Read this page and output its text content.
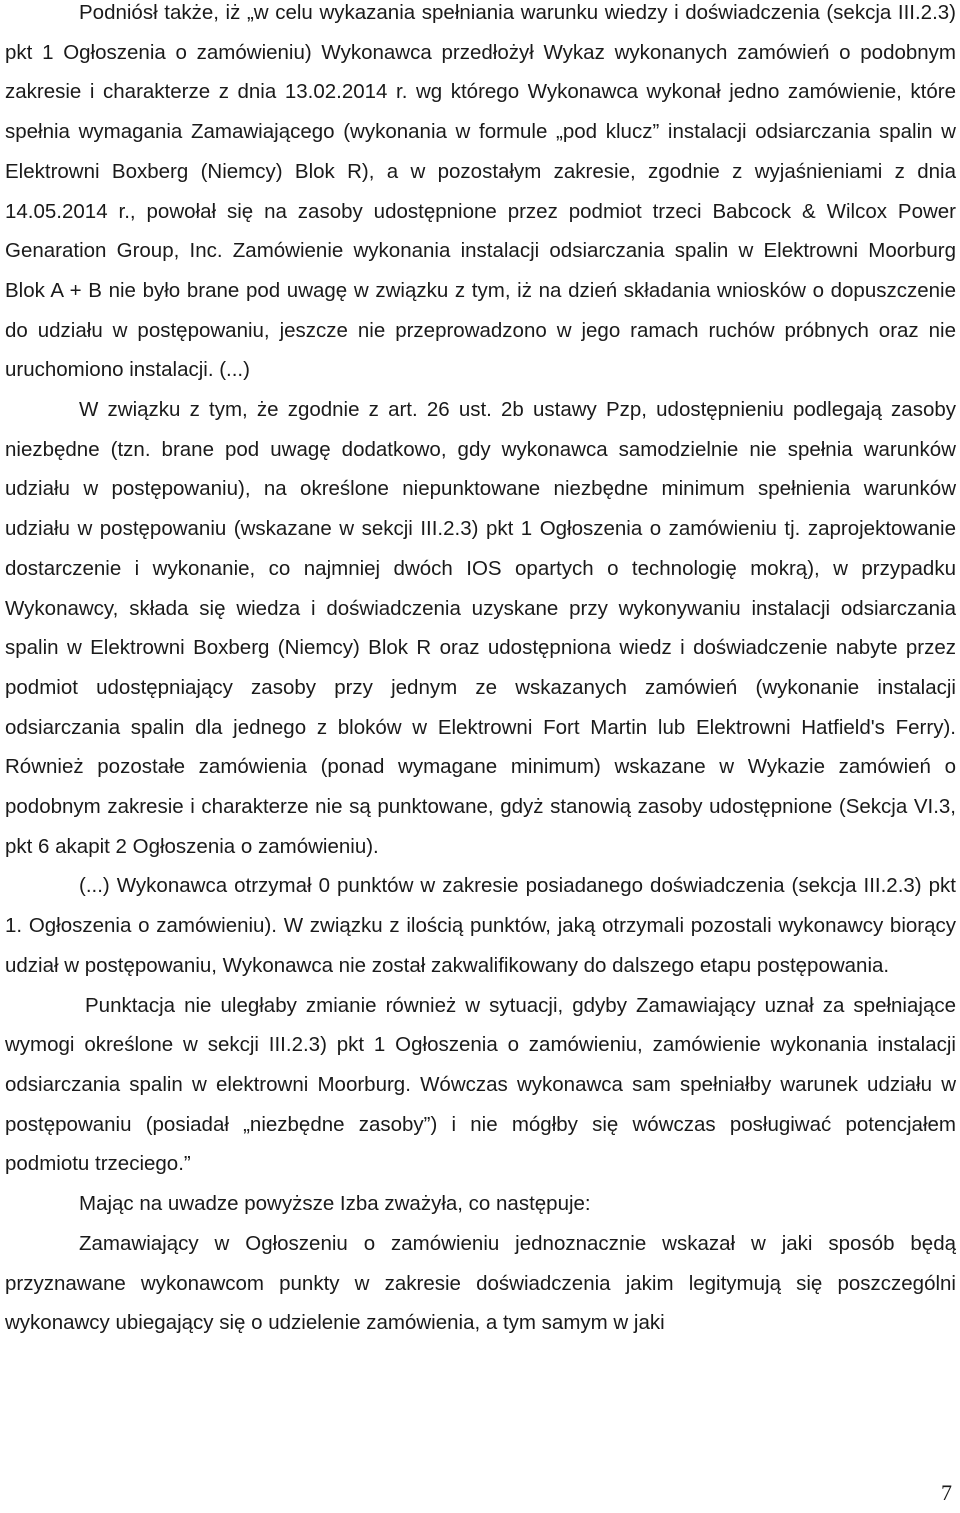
Podniósł także, iż „w celu wykazania spełniania warunku wiedzy i doświadczenia (sekcja III.2.3) pkt 1 Ogłoszenia o zamówieniu) Wykonawca przedłożył Wykaz wykonanych zamówień o podobnym zakresie i charakterze z dnia 13.02.2014 r. wg którego Wykonawca wykonał jedno zamówienie, które spełnia wymagania Zamawiającego (wykonania w formule „pod klucz” instalacji odsiarczania spalin w Elektrowni Boxberg (Niemcy) Blok R), a w pozostałym zakresie, zgodnie z wyjaśnieniami z dnia 14.05.2014 r., powołał się na zasoby udostępnione przez podmiot trzeci Babcock & Wilcox Power Genaration Group, Inc. Zamówienie wykonania instalacji odsiarczania spalin w Elektrowni Moorburg Blok A + B nie było brane pod uwagę w związku z tym, iż na dzień składania wniosków o dopuszczenie do udziału w postępowaniu, jeszcze nie przeprowadzono w jego ramach ruchów próbnych oraz nie uruchomiono instalacji. (...)

W związku z tym, że zgodnie z art. 26 ust. 2b ustawy Pzp, udostępnieniu podlegają zasoby niezbędne (tzn. brane pod uwagę dodatkowo, gdy wykonawca samodzielnie nie spełnia warunków udziału w postępowaniu), na określone niepunktowane niezbędne minimum spełnienia warunków udziału w postępowaniu (wskazane w sekcji III.2.3) pkt 1 Ogłoszenia o zamówieniu tj. zaprojektowanie dostarczenie i wykonanie, co najmniej dwóch IOS opartych o technologię mokrą), w przypadku Wykonawcy, składa się wiedza i doświadczenia uzyskane przy wykonywaniu instalacji odsiarczania spalin w Elektrowni Boxberg (Niemcy) Blok R oraz udostępniona wiedz i doświadczenie nabyte przez podmiot udostępniający zasoby przy jednym ze wskazanych zamówień (wykonanie instalacji odsiarczania spalin dla jednego z bloków w Elektrowni Fort Martin lub Elektrowni Hatfield's Ferry). Również pozostałe zamówienia (ponad wymagane minimum) wskazane w Wykazie zamówień o podobnym zakresie i charakterze nie są punktowane, gdyż stanowią zasoby udostępnione (Sekcja VI.3, pkt 6 akapit 2 Ogłoszenia o zamówieniu).

(...) Wykonawca otrzymał 0 punktów w zakresie posiadanego doświadczenia (sekcja III.2.3) pkt 1. Ogłoszenia o zamówieniu). W związku z ilością punktów, jaką otrzymali pozostali wykonawcy biorący udział w postępowaniu, Wykonawca nie został zakwalifikowany do dalszego etapu postępowania.

Punktacja nie uległaby zmianie również w sytuacji, gdyby Zamawiający uznał za spełniające wymogi określone w sekcji III.2.3) pkt 1 Ogłoszenia o zamówieniu, zamówienie wykonania instalacji odsiarczania spalin w elektrowni Moorburg. Wówczas wykonawca sam spełniałby warunek udziału w postępowaniu (posiadał „niezbędne zasoby”) i nie mógłby się wówczas posługiwać potencjałem podmiotu trzeciego.”

Mając na uwadze powyższe Izba zważyła, co następuje:

Zamawiający w Ogłoszeniu o zamówieniu jednoznacznie wskazał w jaki sposób będą przyznawane wykonawcom punkty w zakresie doświadczenia jakim legitymują się poszczególni wykonawcy ubiegający się o udzielenie zamówienia, a tym samym w jaki

7
